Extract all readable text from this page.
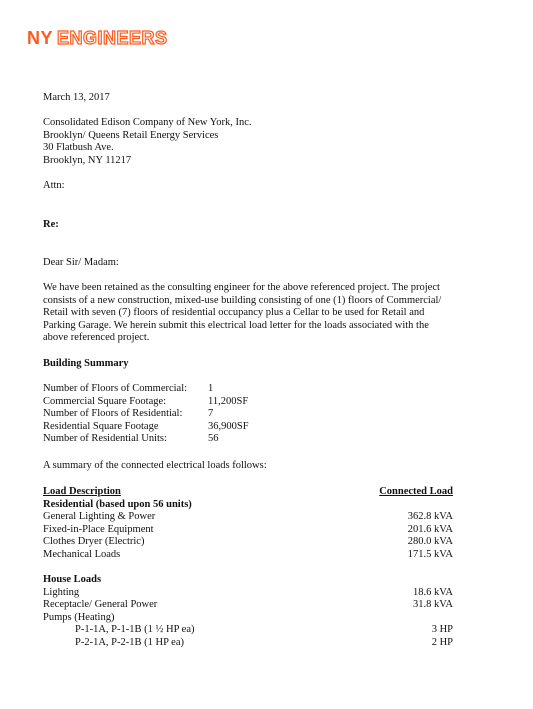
NY ENGINEERS
March 13, 2017
Consolidated Edison Company of New York, Inc.
Brooklyn/ Queens Retail Energy Services
30 Flatbush Ave.
Brooklyn, NY 11217
Attn:
Re:
Dear Sir/ Madam:
We have been retained as the consulting engineer for the above referenced project. The project
consists of a new construction, mixed-use building consisting of one (1) floors of Commercial/
Retail with seven (7) floors of residential occupancy plus a Cellar to be used for Retail and
Parking Garage. We herein submit this electrical load letter for the loads associated with the
above referenced project.
Building Summary
Number of Floors of Commercial: 1
Commercial Square Footage:	11,200SF
Number of Floors of Residential: 7
Residential Square Footage	36,900SF
Number of Residential Units:	56
A summary of the connected electrical loads follows:
Load Description	Connected Load
Residential (based upon 56 units)
General Lighting & Power	362.8 kVA
Fixed-in-Place Equipment	201.6 kVA
Clothes Dryer (Electric)	280.0 kVA
Mechanical Loads	171.5 kVA
House Loads
Lighting	18.6 kVA
Receptacle/ General Power	31.8 kVA
Pumps (Heating)
P-1-1A, P-1-1B (1 ½ HP ea)	3 HP
P-2-1A, P-2-1B (1 HP ea)	2 HP
